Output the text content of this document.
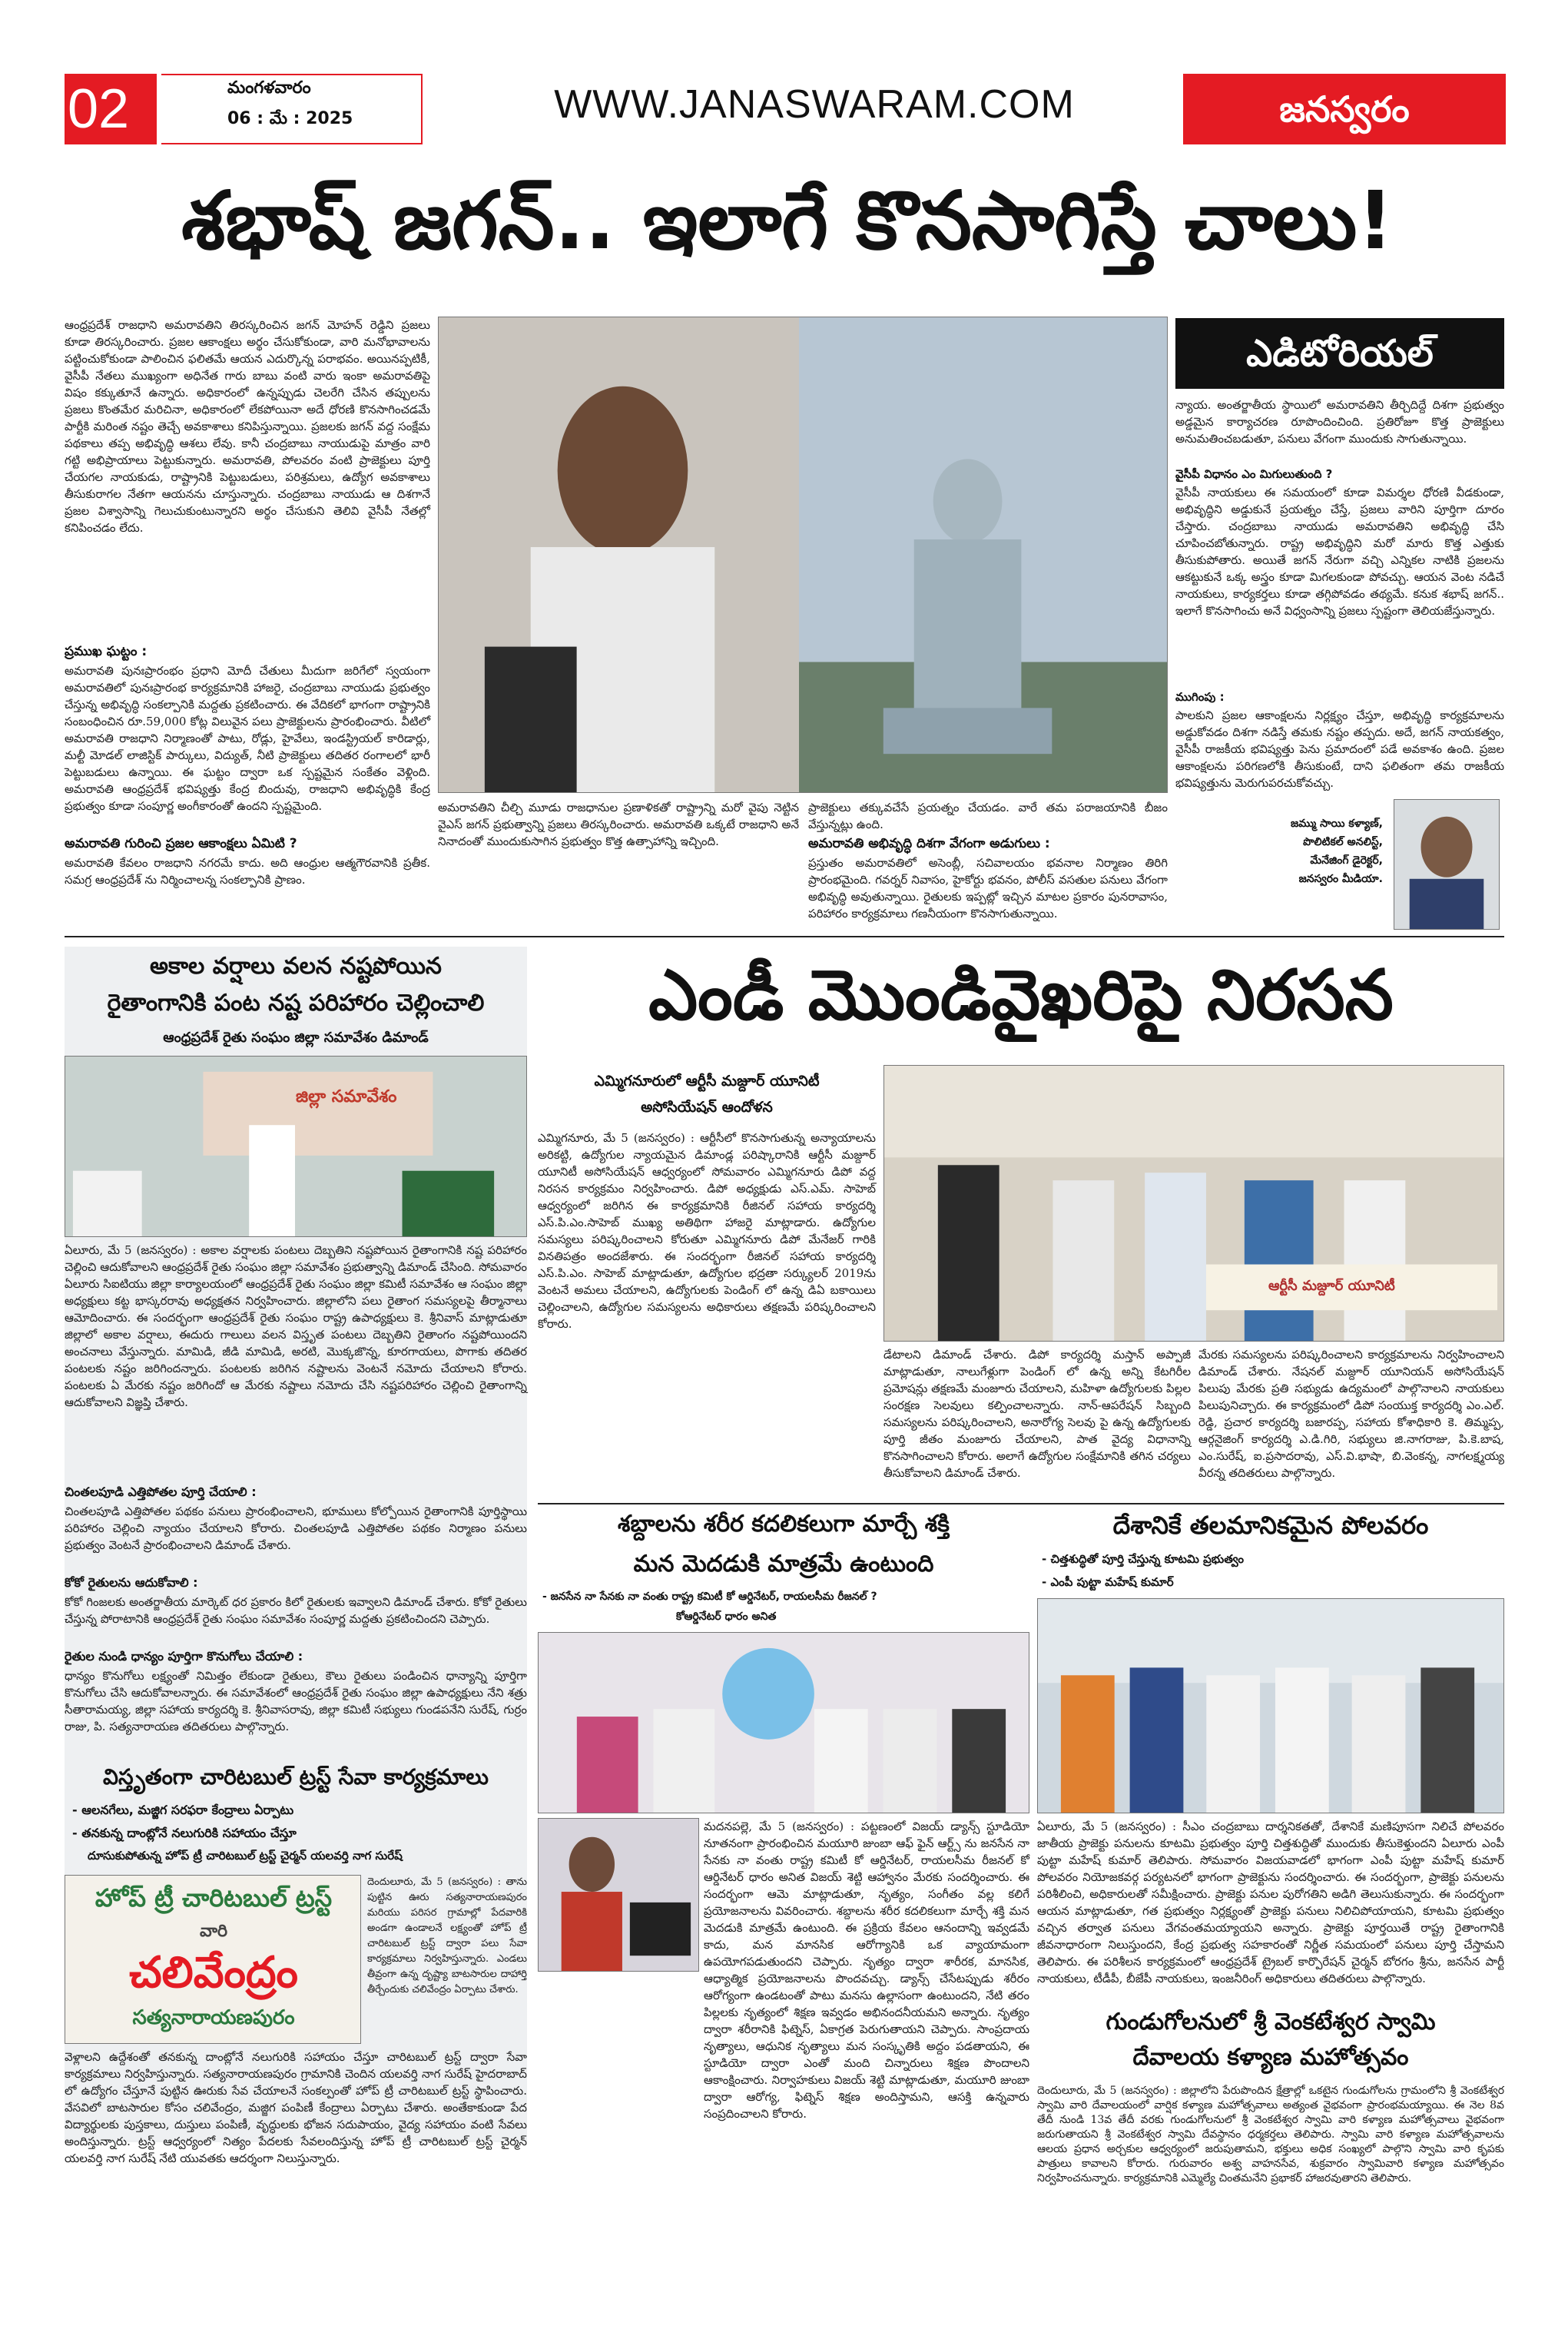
02	మంగళవారం
06 : మే : 2025	WWW.JANASWARAM.COM	జనస్వరం
శభాష్ జగన్.. ఇలాగే కొనసాగిస్తే చాలు!
ఆంధ్రప్రదేశ్ రాజధాని అమరావతిని తిరస్కరించిన జగన్ మోహన్ రెడ్డిని ప్రజలు కూడా తిరస్కరించారు. ప్రజల ఆకాంక్షలు అర్థం చేసుకోకుండా, వారి మనోభావాలను పట్టించుకోకుండా పాలించిన ఫలితమే ఆయన ఎదుర్కొన్న పరాభవం. అయినప్పటికీ, వైసీపీ నేతలు ముఖ్యంగా అధినేత గారు బాబు వంటి వారు ఇంకా అమరావతిపై విషం కక్కుతూనే ఉన్నారు. అధికారంలో ఉన్నప్పుడు చెలరేగి చేసిన తప్పులను ప్రజలు కొంతమేర మరిచినా, అధికారంలో లేకపోయినా అదే ధోరణి కొనసాగించడమే పార్టీకి మరింత నష్టం తెచ్చే అవకాశాలు కనిపిస్తున్నాయి. ప్రజలకు జగన్ వద్ద సంక్షేమ పథకాలు తప్ప అభివృద్ధి ఆశలు లేవు. కానీ చంద్రబాబు నాయుడుపై మాత్రం వారి గట్టి అభిప్రాయాలు పెట్టుకున్నారు. అమరావతి, పోలవరం వంటి ప్రాజెక్టులు పూర్తి చేయగల నాయకుడు, రాష్ట్రానికి పెట్టుబడులు, పరిశ్రమలు, ఉద్యోగ అవకాశాలు తీసుకురాగల నేతగా ఆయనను చూస్తున్నారు. చంద్రబాబు నాయుడు ఆ దిశగానే ప్రజల విశ్వాసాన్ని గెలుచుకుంటున్నారని అర్థం చేసుకుని తెలివి వైసీపీ నేతల్లో కనిపించడం లేదు.
ప్రముఖ ఘట్టం :
అమరావతి పునఃప్రారంభం ప్రధాని మోదీ చేతులు మీదుగా జరిగేలో స్వయంగా అమరావతిలో పునఃప్రారంభ కార్యక్రమానికి హాజరై, చంద్రబాబు నాయుడు ప్రభుత్వం చేస్తున్న అభివృద్ధి సంకల్పానికి మద్దతు ప్రకటించారు. ఈ వేదికలో భాగంగా రాష్ట్రానికి సంబంధించిన రూ.59,000 కోట్ల విలువైన పలు ప్రాజెక్టులను ప్రారంభించారు. వీటిలో అమరావతి రాజధాని నిర్మాణంతో పాటు, రోడ్లు, హైవేలు, ఇండస్ట్రియల్ కారిడార్లు, మల్టీ మోడల్ లాజిస్టిక్ పార్కులు, విద్యుత్, నీటి ప్రాజెక్టులు తదితర రంగాలలో భారీ పెట్టుబడులు ఉన్నాయి. ఈ ఘట్టం ద్వారా ఒక స్పష్టమైన సంకేతం వెళ్లింది. అమరావతి ఆంధ్రప్రదేశ్ భవిష్యత్తు కేంద్ర బిందువు, రాజధాని అభివృద్ధికి కేంద్ర ప్రభుత్వం కూడా సంపూర్ణ అంగీకారంతో ఉందని స్పష్టమైంది.
అమరావతి గురించి ప్రజల ఆకాంక్షలు ఏమిటి ?
అమరావతి కేవలం రాజధాని నగరమే కాదు. అది ఆంధ్రుల ఆత్మగౌరవానికి ప్రతీక. సమగ్ర ఆంధ్రప్రదేశ్ ను నిర్మించాలన్న సంకల్పానికి ప్రాణం.
అమరావతిని చీల్చి మూడు రాజధానుల ప్రణాళికతో రాష్ట్రాన్ని మరో వైపు నెట్టిన వైఎస్ జగన్ ప్రభుత్వాన్ని ప్రజలు తిరస్కరించారు. అమరావతి ఒక్కటే రాజధాని అనే నినాదంతో ముందుకుసాగిన ప్రభుత్వం కొత్త ఉత్సాహాన్ని ఇచ్చింది.
ప్రాజెక్టులు తక్కువచేసే ప్రయత్నం చేయడం. వారే తమ పరాజయానికి బీజం వేస్తున్నట్లు ఉంది.
అమరావతి అభివృద్ధి దిశగా వేగంగా అడుగులు :
ప్రస్తుతం అమరావతిలో అసెంబ్లీ, సచివాలయం భవనాల నిర్మాణం తిరిగి ప్రారంభమైంది. గవర్నర్ నివాసం, హైకోర్టు భవనం, పోలీస్ వసతుల పనులు వేగంగా అభివృద్ధి అవుతున్నాయి. రైతులకు ఇప్పట్లో ఇచ్చిన మాటల ప్రకారం పునరావాసం, పరిహారం కార్యక్రమాలు గణనీయంగా కొనసాగుతున్నాయి.
ఎడిటోరియల్
న్యాయ. అంతర్జాతీయ స్థాయిలో అమరావతిని తీర్చిదిద్దే దిశగా ప్రభుత్వం అడ్డమైన కార్యాచరణ రూపొందించింది. ప్రతిరోజూ కొత్త ప్రాజెక్టులు అనుమతించబడుతూ, పనులు వేగంగా ముందుకు సాగుతున్నాయి.
వైసీపీ విధానం ఎం మిగులుతుంది ?
వైసీపీ నాయకులు ఈ సమయంలో కూడా విమర్శల ధోరణి వీడకుండా, అభివృద్ధిని అడ్డుకునే ప్రయత్నం చేస్తే, ప్రజలు వారిని పూర్తిగా దూరం చేస్తారు. చంద్రబాబు నాయుడు అమరావతిని అభివృద్ధి చేసి చూపించబోతున్నారు. రాష్ట్ర అభివృద్ధిని మరో మారు కొత్త ఎత్తుకు తీసుకుపోతారు. అయితే జగన్ నేరుగా వచ్చి ఎన్నికల నాటికి ప్రజలను ఆకట్టుకునే ఒక్క అస్త్రం కూడా మిగలకుండా పోవచ్చు. ఆయన వెంట నడిచే నాయకులు, కార్యకర్తలు కూడా తగ్గిపోవడం తథ్యమే. కనుక శభాష్ జగన్.. ఇలాగే కొనసాగించు అనే విధ్వంసాన్ని ప్రజలు స్పష్టంగా తెలియజేస్తున్నారు.
ముగింపు :
పాలకుని ప్రజల ఆకాంక్షలను నిర్లక్ష్యం చేస్తూ, అభివృద్ధి కార్యక్రమాలను అడ్డుకోవడం దిశగా నడిస్తే తమకు నష్టం తప్పదు. అదే, జగన్ నాయకత్వం, వైసీపీ రాజకీయ భవిష్యత్తు పెను ప్రమాదంలో పడే అవకాశం ఉంది. ప్రజల ఆకాంక్షలను పరిగణలోకి తీసుకుంటే, దాని ఫలితంగా తమ రాజకీయ భవిష్యత్తును మెరుగుపరచుకోవచ్చు.
జమ్ము సాయి కళ్యాణ్,
పొలిటికల్ అనలిస్ట్,
మేనేజింగ్ డైరెక్టర్,
జనస్వరం మీడియా.
అకాల వర్షాలు వలన నష్టపోయిన
రైతాంగానికి పంట నష్ట పరిహారం చెల్లించాలి
ఆంధ్రప్రదేశ్ రైతు సంఘం జిల్లా సమావేశం డిమాండ్
జిల్లా సమావేశం
ఏలూరు, మే 5 (జనస్వరం) : అకాల వర్షాలకు పంటలు దెబ్బతిని నష్టపోయిన రైతాంగానికి నష్ట పరిహారం చెల్లించి ఆదుకోవాలని ఆంధ్రప్రదేశ్ రైతు సంఘం జిల్లా సమావేశం ప్రభుత్వాన్ని డిమాండ్ చేసింది. సోమవారం ఏలూరు సిఐటియు జిల్లా కార్యాలయంలో ఆంధ్రప్రదేశ్ రైతు సంఘం జిల్లా కమిటీ సమావేశం ఆ సంఘం జిల్లా అధ్యక్షులు కట్ట భాస్కరరావు అధ్యక్షతన నిర్వహించారు. జిల్లాలోని పలు రైతాంగ సమస్యలపై తీర్మానాలు ఆమోదించారు. ఈ సందర్భంగా ఆంధ్రప్రదేశ్ రైతు సంఘం రాష్ట్ర ఉపాధ్యక్షులు కె. శ్రీనివాస్ మాట్లాడుతూ జిల్లాలో అకాల వర్షాలు, ఈదురు గాలులు వలన విస్తృత పంటలు దెబ్బతిని రైతాంగం నష్టపోయిందని అంచనాలు వేస్తున్నారు. మామిడి, జీడి మామిడి, అరటి, మొక్కజొన్న, కూరగాయలు, పొగాకు తదితర పంటలకు నష్టం జరిగిందన్నారు. పంటలకు జరిగిన నష్టాలను వెంటనే నమోదు చేయాలని కోరారు. పంటలకు ఏ మేరకు నష్టం జరిగిందో ఆ మేరకు నష్టాలు నమోదు చేసి నష్టపరిహారం చెల్లించి రైతాంగాన్ని ఆదుకోవాలని విజ్ఞప్తి చేశారు.
చింతలపూడి ఎత్తిపోతల పూర్తి చేయాలి :
చింతలపూడి ఎత్తిపోతల పథకం పనులు ప్రారంభించాలని, భూములు కోల్పోయిన రైతాంగానికి పూర్తిస్థాయి పరిహారం చెల్లించి న్యాయం చేయాలని కోరారు. చింతలపూడి ఎత్తిపోతల పథకం నిర్మాణం పనులు ప్రభుత్వం వెంటనే ప్రారంభించాలని డిమాండ్ చేశారు.
కోకో రైతులను ఆదుకోవాలి :
కోకో గింజలకు అంతర్జాతీయ మార్కెట్ ధర ప్రకారం కిలో రైతులకు ఇవ్వాలని డిమాండ్ చేశారు. కోకో రైతులు చేస్తున్న పోరాటానికి ఆంధ్రప్రదేశ్ రైతు సంఘం సమావేశం సంపూర్ణ మద్దతు ప్రకటించిందని చెప్పారు.
రైతుల నుండి ధాన్యం పూర్తిగా కొనుగోలు చేయాలి :
ధాన్యం కొనుగోలు లక్ష్యంతో నిమిత్తం లేకుండా రైతులు, కౌలు రైతులు పండించిన ధాన్యాన్ని పూర్తిగా కొనుగోలు చేసి ఆదుకోవాలన్నారు. ఈ సమావేశంలో ఆంధ్రప్రదేశ్ రైతు సంఘం జిల్లా ఉపాధ్యక్షులు నేని శత్రు సీతారామయ్య, జిల్లా సహాయ కార్యదర్శి కె. శ్రీనివాసరావు, జిల్లా కమిటీ సభ్యులు గుండపనేని సురేష్, గుర్రం రాజు, పి. సత్యనారాయణ తదితరులు పాల్గొన్నారు.
విస్తృతంగా చారిటబుల్ ట్రస్ట్ సేవా కార్యక్రమాలు
- ఆలనగేలు, మజ్జిగ సరఫరా కేంద్రాలు ఏర్పాటు
- తనకున్న దాంట్లోనే నలుగురికి సహాయం చేస్తూ
దూసుకుపోతున్న హోప్ ట్రీ చారిటబుల్ ట్రస్ట్ చైర్మన్ యలవర్తి నాగ సురేష్
హోప్ ట్రీ చారిటబుల్ ట్రస్ట్
వారి
చలివేంద్రం
సత్యనారాయణపురం
దెందులూరు, మే 5 (జనస్వరం) : తాను పుట్టిన ఊరు సత్యనారాయణపురం మరియు పరిసర గ్రామాల్లో పేదవారికి అండగా ఉండాలనే లక్ష్యంతో హోప్ ట్రీ చారిటబుల్ ట్రస్ట్ ద్వారా పలు సేవా కార్యక్రమాలు నిర్వహిస్తున్నారు. ఎండలు తీవ్రంగా ఉన్న దృష్ట్యా బాటసారుల దాహార్తి తీర్చేందుకు చలివేంద్రం ఏర్పాటు చేశారు.
వెళ్లాలని ఉద్దేశంతో తనకున్న దాంట్లోనే నలుగురికి సహాయం చేస్తూ చారిటబుల్ ట్రస్ట్ ద్వారా సేవా కార్యక్రమాలు నిర్వహిస్తున్నారు. సత్యనారాయణపురం గ్రామానికి చెందిన యలవర్తి నాగ సురేష్ హైదరాబాద్ లో ఉద్యోగం చేస్తూనే పుట్టిన ఊరుకు సేవ చేయాలనే సంకల్పంతో హోప్ ట్రీ చారిటబుల్ ట్రస్ట్ స్థాపించారు. వేసవిలో బాటసారుల కోసం చలివేంద్రం, మజ్జిగ పంపిణీ కేంద్రాలు ఏర్పాటు చేశారు. అంతేకాకుండా పేద విద్యార్థులకు పుస్తకాలు, దుస్తులు పంపిణీ, వృద్ధులకు భోజన సదుపాయం, వైద్య సహాయం వంటి సేవలు అందిస్తున్నారు. ట్రస్ట్ ఆధ్వర్యంలో నిత్యం పేదలకు సేవలందిస్తున్న హోప్ ట్రీ చారిటబుల్ ట్రస్ట్ చైర్మన్ యలవర్తి నాగ సురేష్ నేటి యువతకు ఆదర్శంగా నిలుస్తున్నారు.
ఎండీ మొండివైఖరిపై నిరసన
ఎమ్మిగనూరులో ఆర్టీసీ మజ్దూర్ యూనిటీ
అసోసియేషన్ ఆందోళన
ఎమ్మిగనూరు, మే 5 (జనస్వరం) : ఆర్టీసీలో కొనసాగుతున్న అన్యాయాలను అరికట్టి, ఉద్యోగుల న్యాయమైన డిమాండ్ల పరిష్కారానికి ఆర్టీసీ మజ్దూర్ యూనిటీ అసోసియేషన్ ఆధ్వర్యంలో సోమవారం ఎమ్మిగనూరు డిపో వద్ద నిరసన కార్యక్రమం నిర్వహించారు. డిపో అధ్యక్షుడు ఎస్.ఎమ్. సాహెబ్ ఆధ్వర్యంలో జరిగిన ఈ కార్యక్రమానికి రీజినల్ సహాయ కార్యదర్శి ఎస్.పి.ఎం.సాహెబ్ ముఖ్య అతిథిగా హాజరై మాట్లాడారు. ఉద్యోగుల సమస్యలు పరిష్కరించాలని కోరుతూ ఎమ్మిగనూరు డిపో మేనేజర్ గారికి వినతిపత్రం అందజేశారు. ఈ సందర్భంగా రీజినల్ సహాయ కార్యదర్శి ఎస్.పి.ఎం. సాహెబ్ మాట్లాడుతూ, ఉద్యోగుల భద్రతా సర్క్యులర్ 2019ను వెంటనే అమలు చేయాలని, ఉద్యోగులకు పెండింగ్ లో ఉన్న డిఏ బకాయిలు చెల్లించాలని, ఉద్యోగుల సమస్యలను అధికారులు తక్షణమే పరిష్కరించాలని కోరారు.
ఆర్టీసీ మజ్దూర్ యూనిటీ
డేటాలని డిమాండ్ చేశారు. డిపో కార్యదర్శి మస్తాన్ అప్పాజీ మాట్లాడుతూ, నాలుగేళ్లుగా పెండింగ్ లో ఉన్న అన్ని కేటగిరీల ప్రమోషన్లు తక్షణమే మంజూరు చేయాలని, మహిళా ఉద్యోగులకు పిల్లల సంరక్షణ సెలవులు కల్పించాలన్నారు. నాన్-ఆపరేషన్ సిబ్బంది సమస్యలను పరిష్కరించాలని, అనారోగ్య సెలవు పై ఉన్న ఉద్యోగులకు పూర్తి జీతం మంజూరు చేయాలని, పాత వైద్య విధానాన్ని కొనసాగించాలని కోరారు. అలాగే ఉద్యోగుల సంక్షేమానికి తగిన చర్యలు తీసుకోవాలని డిమాండ్ చేశారు.
మేరకు సమస్యలను పరిష్కరించాలని కార్యక్రమాలను నిర్వహించాలని డిమాండ్ చేశారు. నేషనల్ మజ్దూర్ యూనియన్ అసోసియేషన్ పిలుపు మేరకు ప్రతి సభ్యుడు ఉద్యమంలో పాల్గొనాలని నాయకులు పిలుపునిచ్చారు. ఈ కార్యక్రమంలో డిపో సంయుక్త కార్యదర్శి ఎం.ఎల్. రెడ్డి, ప్రచార కార్యదర్శి బజారప్ప, సహాయ కోశాధికారి కె. తిమ్మప్ప, ఆర్గనైజింగ్ కార్యదర్శి ఎ.డి.గిరి, సభ్యులు జి.నాగరాజు, పి.కె.బాష, ఎం.సురేష్, ఐ.ప్రసాదరావు, ఎస్.వి.భాషా, బి.వెంకన్న, నాగలక్ష్మయ్య వీరన్న తదితరులు పాల్గొన్నారు.
శబ్దాలను శరీర కదలికలుగా మార్చే శక్తి
మన మెదడుకి మాత్రమే ఉంటుంది
- జనసేన నా సేనకు నా వంతు రాష్ట్ర కమిటీ కో ఆర్డినేటర్, రాయలసీమ రీజనల్ ?
కోఆర్డినేటర్ ధారం అనిత
మదనపల్లె, మే 5 (జనస్వరం) : పట్టణంలో విజయ్ డ్యాన్స్ స్టూడియో నూతనంగా ప్రారంభించిన మయూరి జుంబా ఆఫ్ ఫైన్ ఆర్ట్స్ ను జనసేన నా సేనకు నా వంతు రాష్ట్ర కమిటీ కో ఆర్డినేటర్, రాయలసీమ రీజనల్ కో ఆర్డినేటర్ ధారం అనిత విజయ్ శెట్టి ఆహ్వానం మేరకు సందర్శించారు. ఈ సందర్భంగా ఆమె మాట్లాడుతూ, నృత్యం, సంగీతం వల్ల కలిగే ప్రయోజనాలను వివరించారు. శబ్దాలను శరీర కదలికలుగా మార్చే శక్తి మన మెదడుకి మాత్రమే ఉంటుంది. ఈ ప్రక్రియ కేవలం ఆనందాన్ని ఇవ్వడమే కాదు, మన మానసిక ఆరోగ్యానికి ఒక వ్యాయామంగా ఉపయోగపడుతుందని చెప్పారు. నృత్యం ద్వారా శారీరక, మానసిక, ఆధ్యాత్మిక ప్రయోజనాలను పొందవచ్చు. డ్యాన్స్ చేసేటప్పుడు శరీరం ఆరోగ్యంగా ఉండటంతో పాటు మనసు ఉల్లాసంగా ఉంటుందని, నేటి తరం పిల్లలకు నృత్యంలో శిక్షణ ఇవ్వడం అభినందనీయమని అన్నారు. నృత్యం ద్వారా శరీరానికి ఫిట్నెస్, ఏకాగ్రత పెరుగుతాయని చెప్పారు. సాంప్రదాయ నృత్యాలు, ఆధునిక నృత్యాలు మన సంస్కృతికి అద్దం పడతాయని, ఈ స్టూడియో ద్వారా ఎంతో మంది చిన్నారులు శిక్షణ పొందాలని ఆకాంక్షించారు. నిర్వాహకులు విజయ్ శెట్టి మాట్లాడుతూ, మయూరి జుంబా ద్వారా ఆరోగ్య, ఫిట్నెస్ శిక్షణ అందిస్తామని, ఆసక్తి ఉన్నవారు సంప్రదించాలని కోరారు.
దేశానికే తలమానికమైన పోలవరం
- చిత్తశుద్ధితో పూర్తి చేస్తున్న కూటమి ప్రభుత్వం
- ఎంపీ పుట్టా మహేష్ కుమార్
ఏలూరు, మే 5 (జనస్వరం) : సీఎం చంద్రబాబు దార్శనికతతో, దేశానికే మణిపూసగా నిలిచే పోలవరం జాతీయ ప్రాజెక్టు పనులను కూటమి ప్రభుత్వం పూర్తి చిత్తశుద్ధితో ముందుకు తీసుకెళ్తుందని ఏలూరు ఎంపీ పుట్టా మహేష్ కుమార్ తెలిపారు. సోమవారం విజయవాడలో భాగంగా ఎంపీ పుట్టా మహేష్ కుమార్ పోలవరం నియోజకవర్గ పర్యటనలో భాగంగా ప్రాజెక్టును సందర్శించారు. ఈ సందర్భంగా, ప్రాజెక్టు పనులను పరిశీలించి, అధికారులతో సమీక్షించారు. ప్రాజెక్టు పనుల పురోగతిని అడిగి తెలుసుకున్నారు. ఈ సందర్భంగా ఆయన మాట్లాడుతూ, గత ప్రభుత్వం నిర్లక్ష్యంతో ప్రాజెక్టు పనులు నిలిచిపోయాయని, కూటమి ప్రభుత్వం వచ్చిన తర్వాత పనులు వేగవంతమయ్యాయని అన్నారు. ప్రాజెక్టు పూర్తయితే రాష్ట్ర రైతాంగానికి జీవనాధారంగా నిలుస్తుందని, కేంద్ర ప్రభుత్వ సహకారంతో నిర్ణీత సమయంలో పనులు పూర్తి చేస్తామని తెలిపారు. ఈ పరిశీలన కార్యక్రమంలో ఆంధ్రప్రదేశ్ ట్రైబల్ కార్పొరేషన్ చైర్మన్ బోరగం శ్రీను, జనసేన పార్టీ నాయకులు, టీడీపీ, బీజేపీ నాయకులు, ఇంజనీరింగ్ అధికారులు తదితరులు పాల్గొన్నారు.
గుండుగోలనులో శ్రీ వెంకటేశ్వర స్వామి
దేవాలయ కళ్యాణ మహోత్సవం
దెందులూరు, మే 5 (జనస్వరం) : జిల్లాలోని పేరుపొందిన క్షేత్రాల్లో ఒకటైన గుండుగోలను గ్రామంలోని శ్రీ వెంకటేశ్వర స్వామి వారి దేవాలయంలో వార్షిక కళ్యాణ మహోత్సవాలు అత్యంత వైభవంగా ప్రారంభమయ్యాయి. ఈ నెల 8వ తేదీ నుండి 13వ తేదీ వరకు గుండుగోలనులో శ్రీ వెంకటేశ్వర స్వామి వారి కళ్యాణ మహోత్సవాలు వైభవంగా జరుగుతాయని శ్రీ వెంకటేశ్వర స్వామి దేవస్థానం ధర్మకర్తలు తెలిపారు. స్వామి వారి కళ్యాణ మహోత్సవాలను ఆలయ ప్రధాన అర్చకుల ఆధ్వర్యంలో జరుపుతామని, భక్తులు అధిక సంఖ్యలో పాల్గొని స్వామి వారి కృపకు పాత్రులు కావాలని కోరారు. గురువారం అశ్వ వాహనసేవ, శుక్రవారం స్వామివారి కళ్యాణ మహోత్సవం నిర్వహించనున్నారు. కార్యక్రమానికి ఎమ్మెల్యే చింతమనేని ప్రభాకర్ హాజరవుతారని తెలిపారు.
